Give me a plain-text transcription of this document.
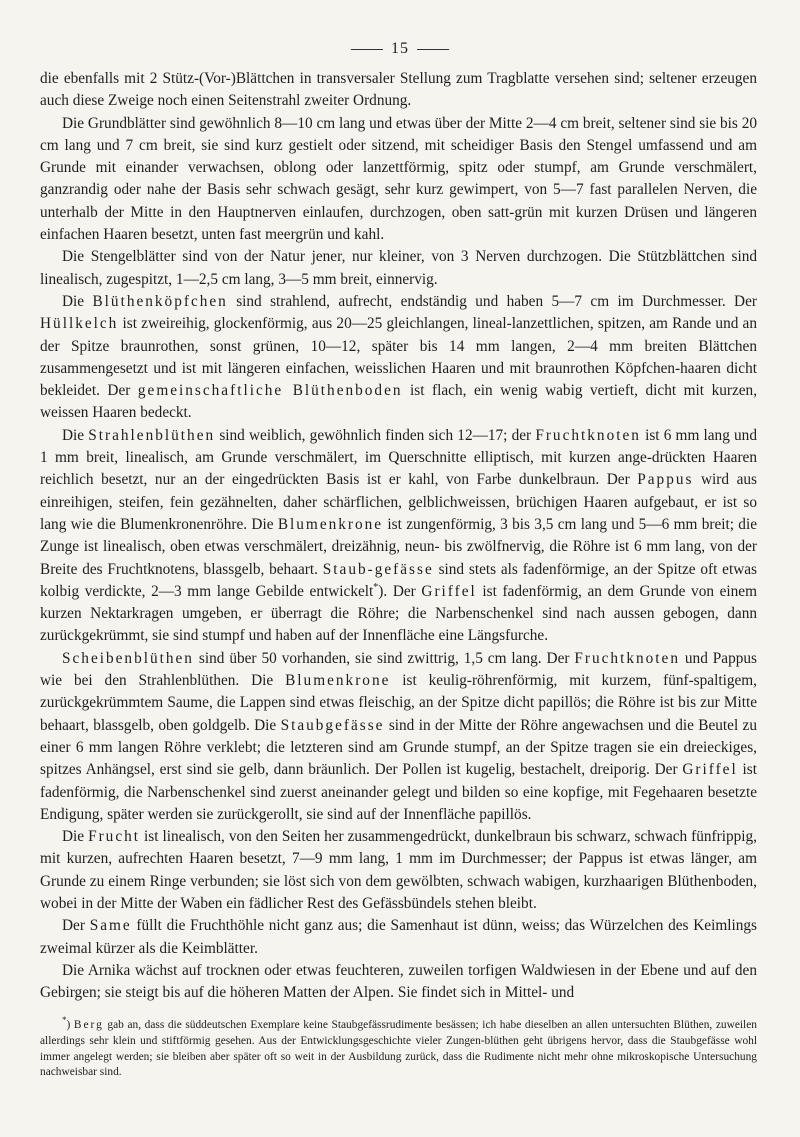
15

die ebenfalls mit 2 Stütz-(Vor-)Blättchen in transversaler Stellung zum Tragblatte versehen sind; seltener erzeugen auch diese Zweige noch einen Seitenstrahl zweiter Ordnung.

Die Grundblätter sind gewöhnlich 8—10 cm lang und etwas über der Mitte 2—4 cm breit, seltener sind sie bis 20 cm lang und 7 cm breit, sie sind kurz gestielt oder sitzend, mit scheidiger Basis den Stengel umfassend und am Grunde mit einander verwachsen, oblong oder lanzettförmig, spitz oder stumpf, am Grunde verschmälert, ganzrandig oder nahe der Basis sehr schwach gesägt, sehr kurz gewimpert, von 5—7 fast parallelen Nerven, die unterhalb der Mitte in den Hauptnerven einlaufen, durchzogen, oben satt-grün mit kurzen Drüsen und längeren einfachen Haaren besetzt, unten fast meergrün und kahl.

Die Stengelblätter sind von der Natur jener, nur kleiner, von 3 Nerven durchzogen. Die Stützblättchen sind linealisch, zugespitzt, 1—2,5 cm lang, 3—5 mm breit, einnervig.

Die Blüthenköpfchen sind strahlend, aufrecht, endständig und haben 5—7 cm im Durchmesser. Der Hüllkelch ist zweireihig, glockenförmig, aus 20—25 gleichlangen, lineal-lanzettlichen, spitzen, am Rande und an der Spitze braunrothen, sonst grünen, 10—12, später bis 14 mm langen, 2—4 mm breiten Blättchen zusammengesetzt und ist mit längeren einfachen, weisslichen Haaren und mit braunrothen Köpfchen-haaren dicht bekleidet. Der gemeinschaftliche Blüthenboden ist flach, ein wenig wabig vertieft, dicht mit kurzen, weissen Haaren bedeckt.

Die Strahlenblüthen sind weiblich, gewöhnlich finden sich 12—17; der Fruchtknoten ist 6 mm lang und 1 mm breit, linealisch, am Grunde verschmälert, im Querschnitte elliptisch, mit kurzen ange-drückten Haaren reichlich besetzt, nur an der eingedrückten Basis ist er kahl, von Farbe dunkelbraun. Der Pappus wird aus einreihigen, steifen, fein gezähnelten, daher schärflichen, gelblichweissen, brüchigen Haaren aufgebaut, er ist so lang wie die Blumenkronenröhre. Die Blumenkrone ist zungenförmig, 3 bis 3,5 cm lang und 5—6 mm breit; die Zunge ist linealisch, oben etwas verschmälert, dreizähnig, neun- bis zwölfnervig, die Röhre ist 6 mm lang, von der Breite des Fruchtknotens, blassgelb, behaart. Staub-gefässe sind stets als fadenförmige, an der Spitze oft etwas kolbig verdickte, 2—3 mm lange Gebilde entwickelt*). Der Griffel ist fadenförmig, an dem Grunde von einem kurzen Nektarkragen umgeben, er überragt die Röhre; die Narbenschenkel sind nach aussen gebogen, dann zurückgekrümmt, sie sind stumpf und haben auf der Innenfläche eine Längsfurche.

Scheibenblüthen sind über 50 vorhanden, sie sind zwittrig, 1,5 cm lang. Der Fruchtknoten und Pappus wie bei den Strahlenblüthen. Die Blumenkrone ist keulig-röhrenförmig, mit kurzem, fünf-spaltigem, zurückgekrümmtem Saume, die Lappen sind etwas fleischig, an der Spitze dicht papillös; die Röhre ist bis zur Mitte behaart, blassgelb, oben goldgelb. Die Staubgefässe sind in der Mitte der Röhre angewachsen und die Beutel zu einer 6 mm langen Röhre verklebt; die letzteren sind am Grunde stumpf, an der Spitze tragen sie ein dreieckiges, spitzes Anhängsel, erst sind sie gelb, dann bräunlich. Der Pollen ist kugelig, bestachelt, dreiporig. Der Griffel ist fadenförmig, die Narbenschenkel sind zuerst aneinander gelegt und bilden so eine kopfige, mit Fegehaaren besetzte Endigung, später werden sie zurückgerollt, sie sind auf der Innenfläche papillös.

Die Frucht ist linealisch, von den Seiten her zusammengedrückt, dunkelbraun bis schwarz, schwach fünfrippig, mit kurzen, aufrechten Haaren besetzt, 7—9 mm lang, 1 mm im Durchmesser; der Pappus ist etwas länger, am Grunde zu einem Ringe verbunden; sie löst sich von dem gewölbten, schwach wabigen, kurzhaarigen Blüthenboden, wobei in der Mitte der Waben ein fädlicher Rest des Gefässbündels stehen bleibt.

Der Same füllt die Fruchthöhle nicht ganz aus; die Samenhaut ist dünn, weiss; das Würzelchen des Keimlings zweimal kürzer als die Keimblätter.

Die Arnika wächst auf trocknen oder etwas feuchteren, zuweilen torfigen Waldwiesen in der Ebene und auf den Gebirgen; sie steigt bis auf die höheren Matten der Alpen. Sie findet sich in Mittel- und

*) Berg gab an, dass die süddeutschen Exemplare keine Staubgefässrudimente besässen; ich habe dieselben an allen untersuchten Blüthen, zuweilen allerdings sehr klein und stiftförmig gesehen. Aus der Entwicklungsgeschichte vieler Zungen-blüthen geht übrigens hervor, dass die Staubgefässe wohl immer angelegt werden; sie bleiben aber später oft so weit in der Ausbildung zurück, dass die Rudimente nicht mehr ohne mikroskopische Untersuchung nachweisbar sind.
